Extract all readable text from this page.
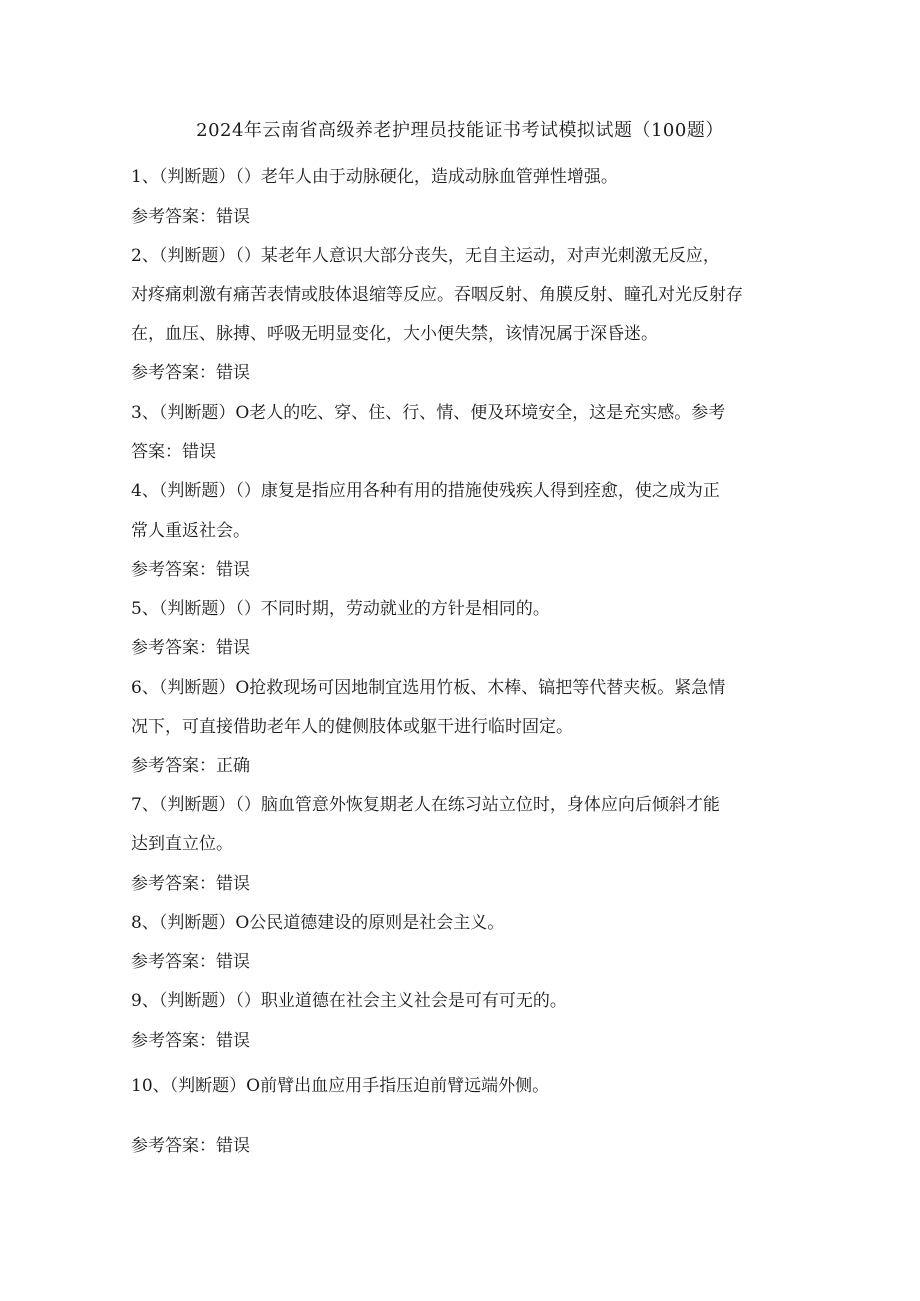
2024年云南省高级养老护理员技能证书考试模拟试题（100题）
1、（判断题）（）老年人由于动脉硬化，造成动脉血管弹性增强。
参考答案：错误
2、（判断题）（）某老年人意识大部分丧失，无自主运动，对声光刺激无反应，
对疼痛刺激有痛苦表情或肢体退缩等反应。吞咽反射、角膜反射、瞳孔对光反射存
在，血压、脉搏、呼吸无明显变化，大小便失禁，该情况属于深昏迷。
参考答案：错误
3、（判断题）O老人的吃、穿、住、行、情、便及环境安全，这是充实感。参考
答案：错误
4、（判断题）（）康复是指应用各种有用的措施使残疾人得到痊愈，使之成为正
常人重返社会。
参考答案：错误
5、（判断题）（）不同时期，劳动就业的方针是相同的。
参考答案：错误
6、（判断题）O抢救现场可因地制宜选用竹板、木棒、镐把等代替夹板。紧急情
况下，可直接借助老年人的健侧肢体或躯干进行临时固定。
参考答案：正确
7、（判断题）（）脑血管意外恢复期老人在练习站立位时，身体应向后倾斜才能
达到直立位。
参考答案：错误
8、（判断题）O公民道德建设的原则是社会主义。
参考答案：错误
9、（判断题）（）职业道德在社会主义社会是可有可无的。
参考答案：错误
10、（判断题）O前臂出血应用手指压迫前臂远端外侧。
参考答案：错误
